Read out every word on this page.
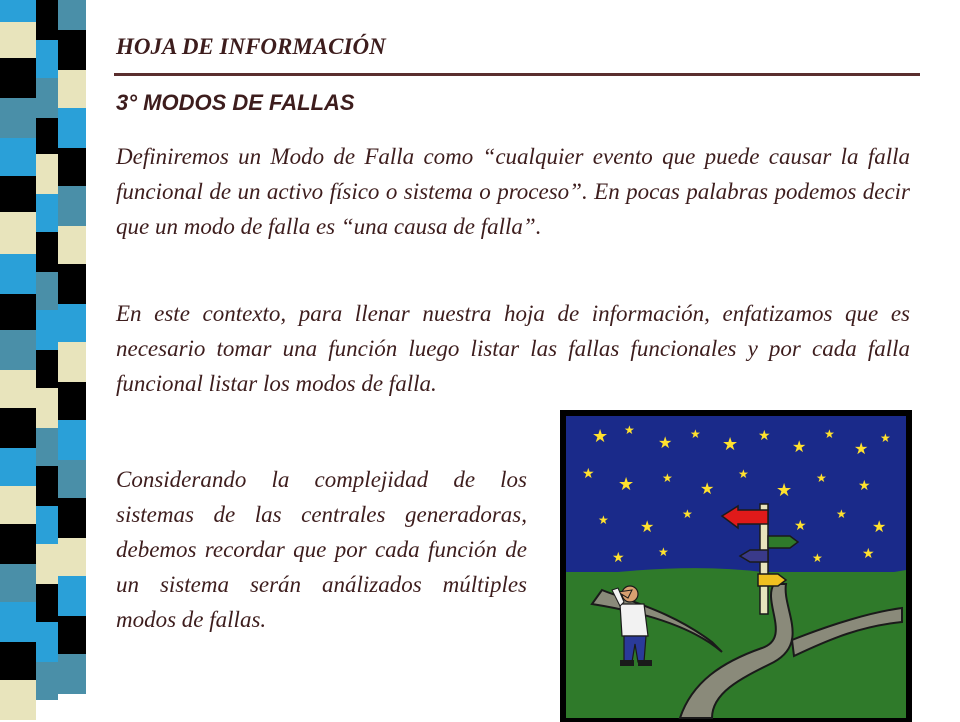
HOJA DE INFORMACIÓN
3° MODOS DE FALLAS
Definiremos un Modo de Falla como “cualquier evento que puede causar la falla funcional de un activo físico o sistema o proceso”. En pocas palabras podemos decir que un modo de falla es “una causa de falla”.
En este contexto, para llenar nuestra hoja de información, enfatizamos que es necesario tomar una función luego listar las fallas funcionales y por cada falla funcional listar los modos de falla.
Considerando la complejidad de los sistemas de las centrales generadoras, debemos recordar que por cada función de un sistema serán análizados múltiples modos de fallas.
★ ★
★
★ ★ ★
★
★
★
★
★ ★ ★
★
★
★
★
★
★ ★
★
★
★
★
★	★	★	★
